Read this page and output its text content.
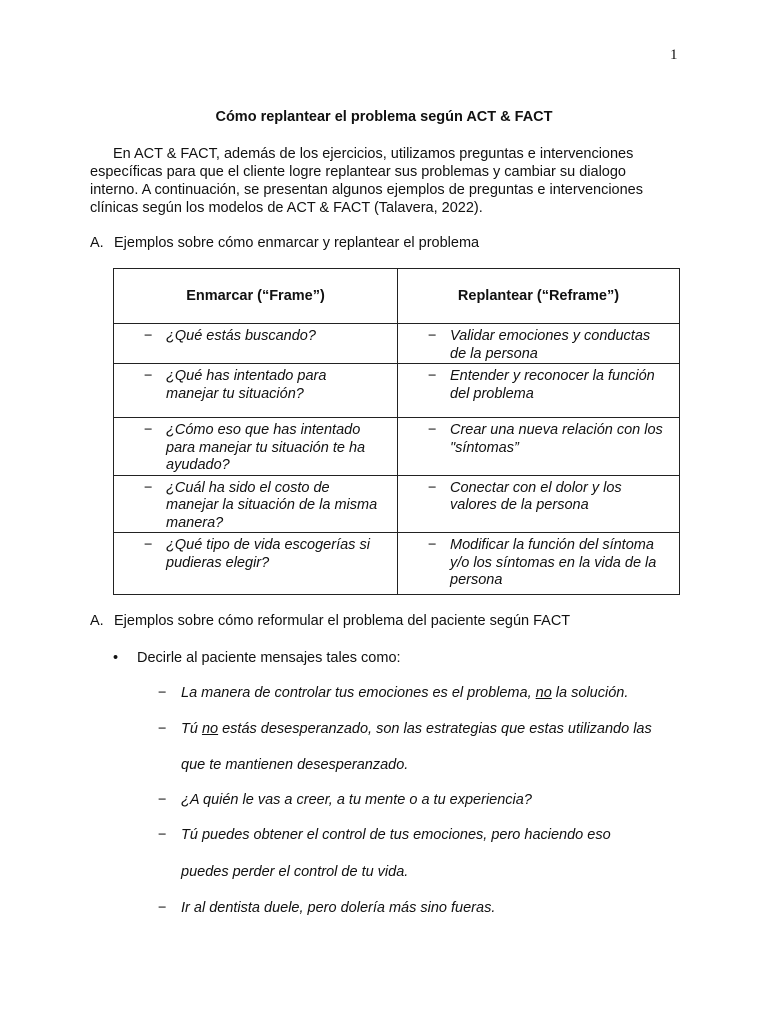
1
Cómo replantear el problema según ACT & FACT
En ACT & FACT, además de los ejercicios, utilizamos preguntas e intervenciones
específicas para que el cliente logre replantear sus problemas y cambiar su dialogo
interno. A continuación, se presentan algunos ejemplos de preguntas e intervenciones
clínicas según los modelos de ACT & FACT (Talavera, 2022).
A. Ejemplos sobre cómo enmarcar y replantear el problema
Enmarcar (“Frame”)	Replantear (“Reframe”)

− ¿Qué estás buscando?	− Validar emociones y conductas
de la persona

− ¿Qué has intentado para
manejar tu situación?	− Entender y reconocer la función
del problema

− ¿Cómo eso que has intentado
para manejar tu situación te ha
ayudado?	− Crear una nueva relación con los
"síntomas”

− ¿Cuál ha sido el costo de
manejar la situación de la misma
manera?	− Conectar con el dolor y los
valores de la persona

− ¿Qué tipo de vida escogerías si
pudieras elegir?	− Modificar la función del síntoma
y/o los síntomas en la vida de la
persona
A. Ejemplos sobre cómo reformular el problema del paciente según FACT
• Decirle al paciente mensajes tales como:
− La manera de controlar tus emociones es el problema, no la solución.
− Tú no estás desesperanzado, son las estrategias que estas utilizando las
que te mantienen desesperanzado.
− ¿A quién le vas a creer, a tu mente o a tu experiencia?
− Tú puedes obtener el control de tus emociones, pero haciendo eso
puedes perder el control de tu vida.
− Ir al dentista duele, pero dolería más sino fueras.
